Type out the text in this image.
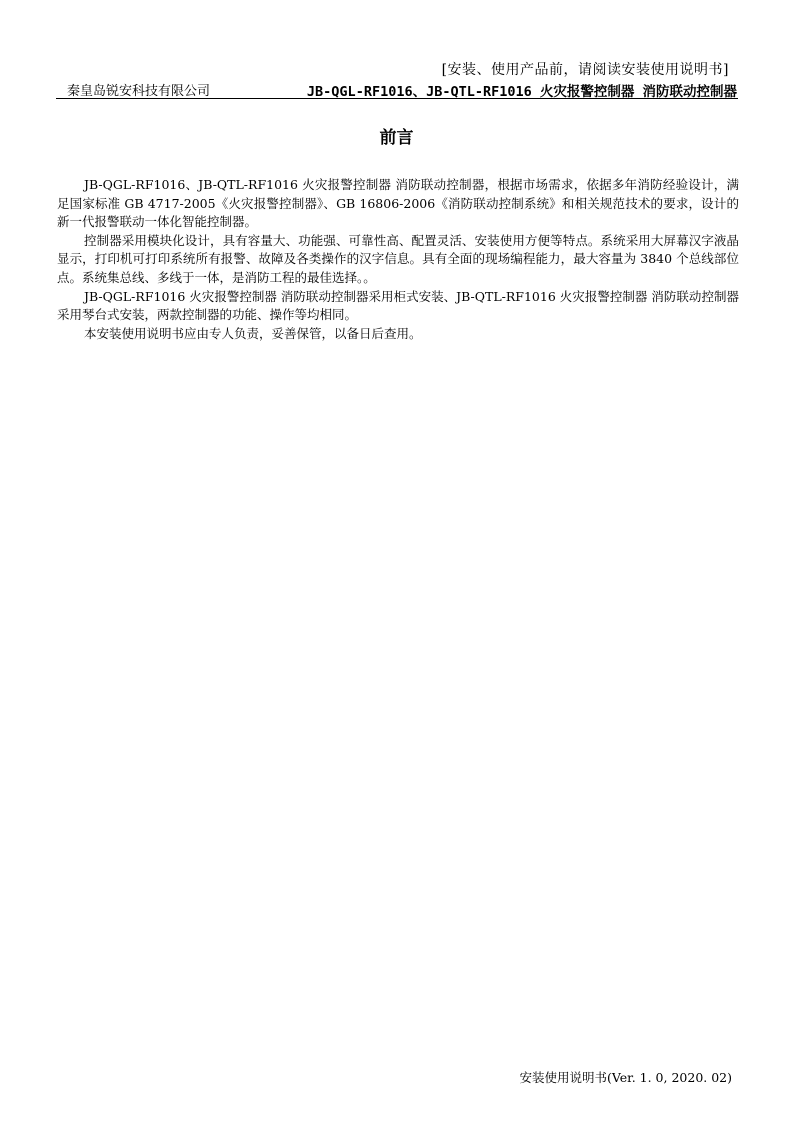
[安装、使用产品前，请阅读安装使用说明书]
秦皇岛锐安科技有限公司	JB-QGL-RF1016、JB-QTL-RF1016 火灾报警控制器 消防联动控制器
前言

JB-QGL-RF1016、JB-QTL-RF1016 火灾报警控制器 消防联动控制器，根据市场需求，依据多年消防经验设计，满足国家标准 GB 4717-2005《火灾报警控制器》、GB 16806-2006《消防联动控制系统》和相关规范技术的要求，设计的新一代报警联动一体化智能控制器。

控制器采用模块化设计，具有容量大、功能强、可靠性高、配置灵活、安装使用方便等特点。系统采用大屏幕汉字液晶显示，打印机可打印系统所有报警、故障及各类操作的汉字信息。具有全面的现场编程能力，最大容量为 3840 个总线部位点。系统集总线、多线于一体，是消防工程的最佳选择。。

JB-QGL-RF1016 火灾报警控制器 消防联动控制器采用柜式安装、JB-QTL-RF1016 火灾报警控制器 消防联动控制器采用琴台式安装，两款控制器的功能、操作等均相同。

本安装使用说明书应由专人负责，妥善保管，以备日后查用。

安装使用说明书(Ver. 1. 0, 2020. 02)
